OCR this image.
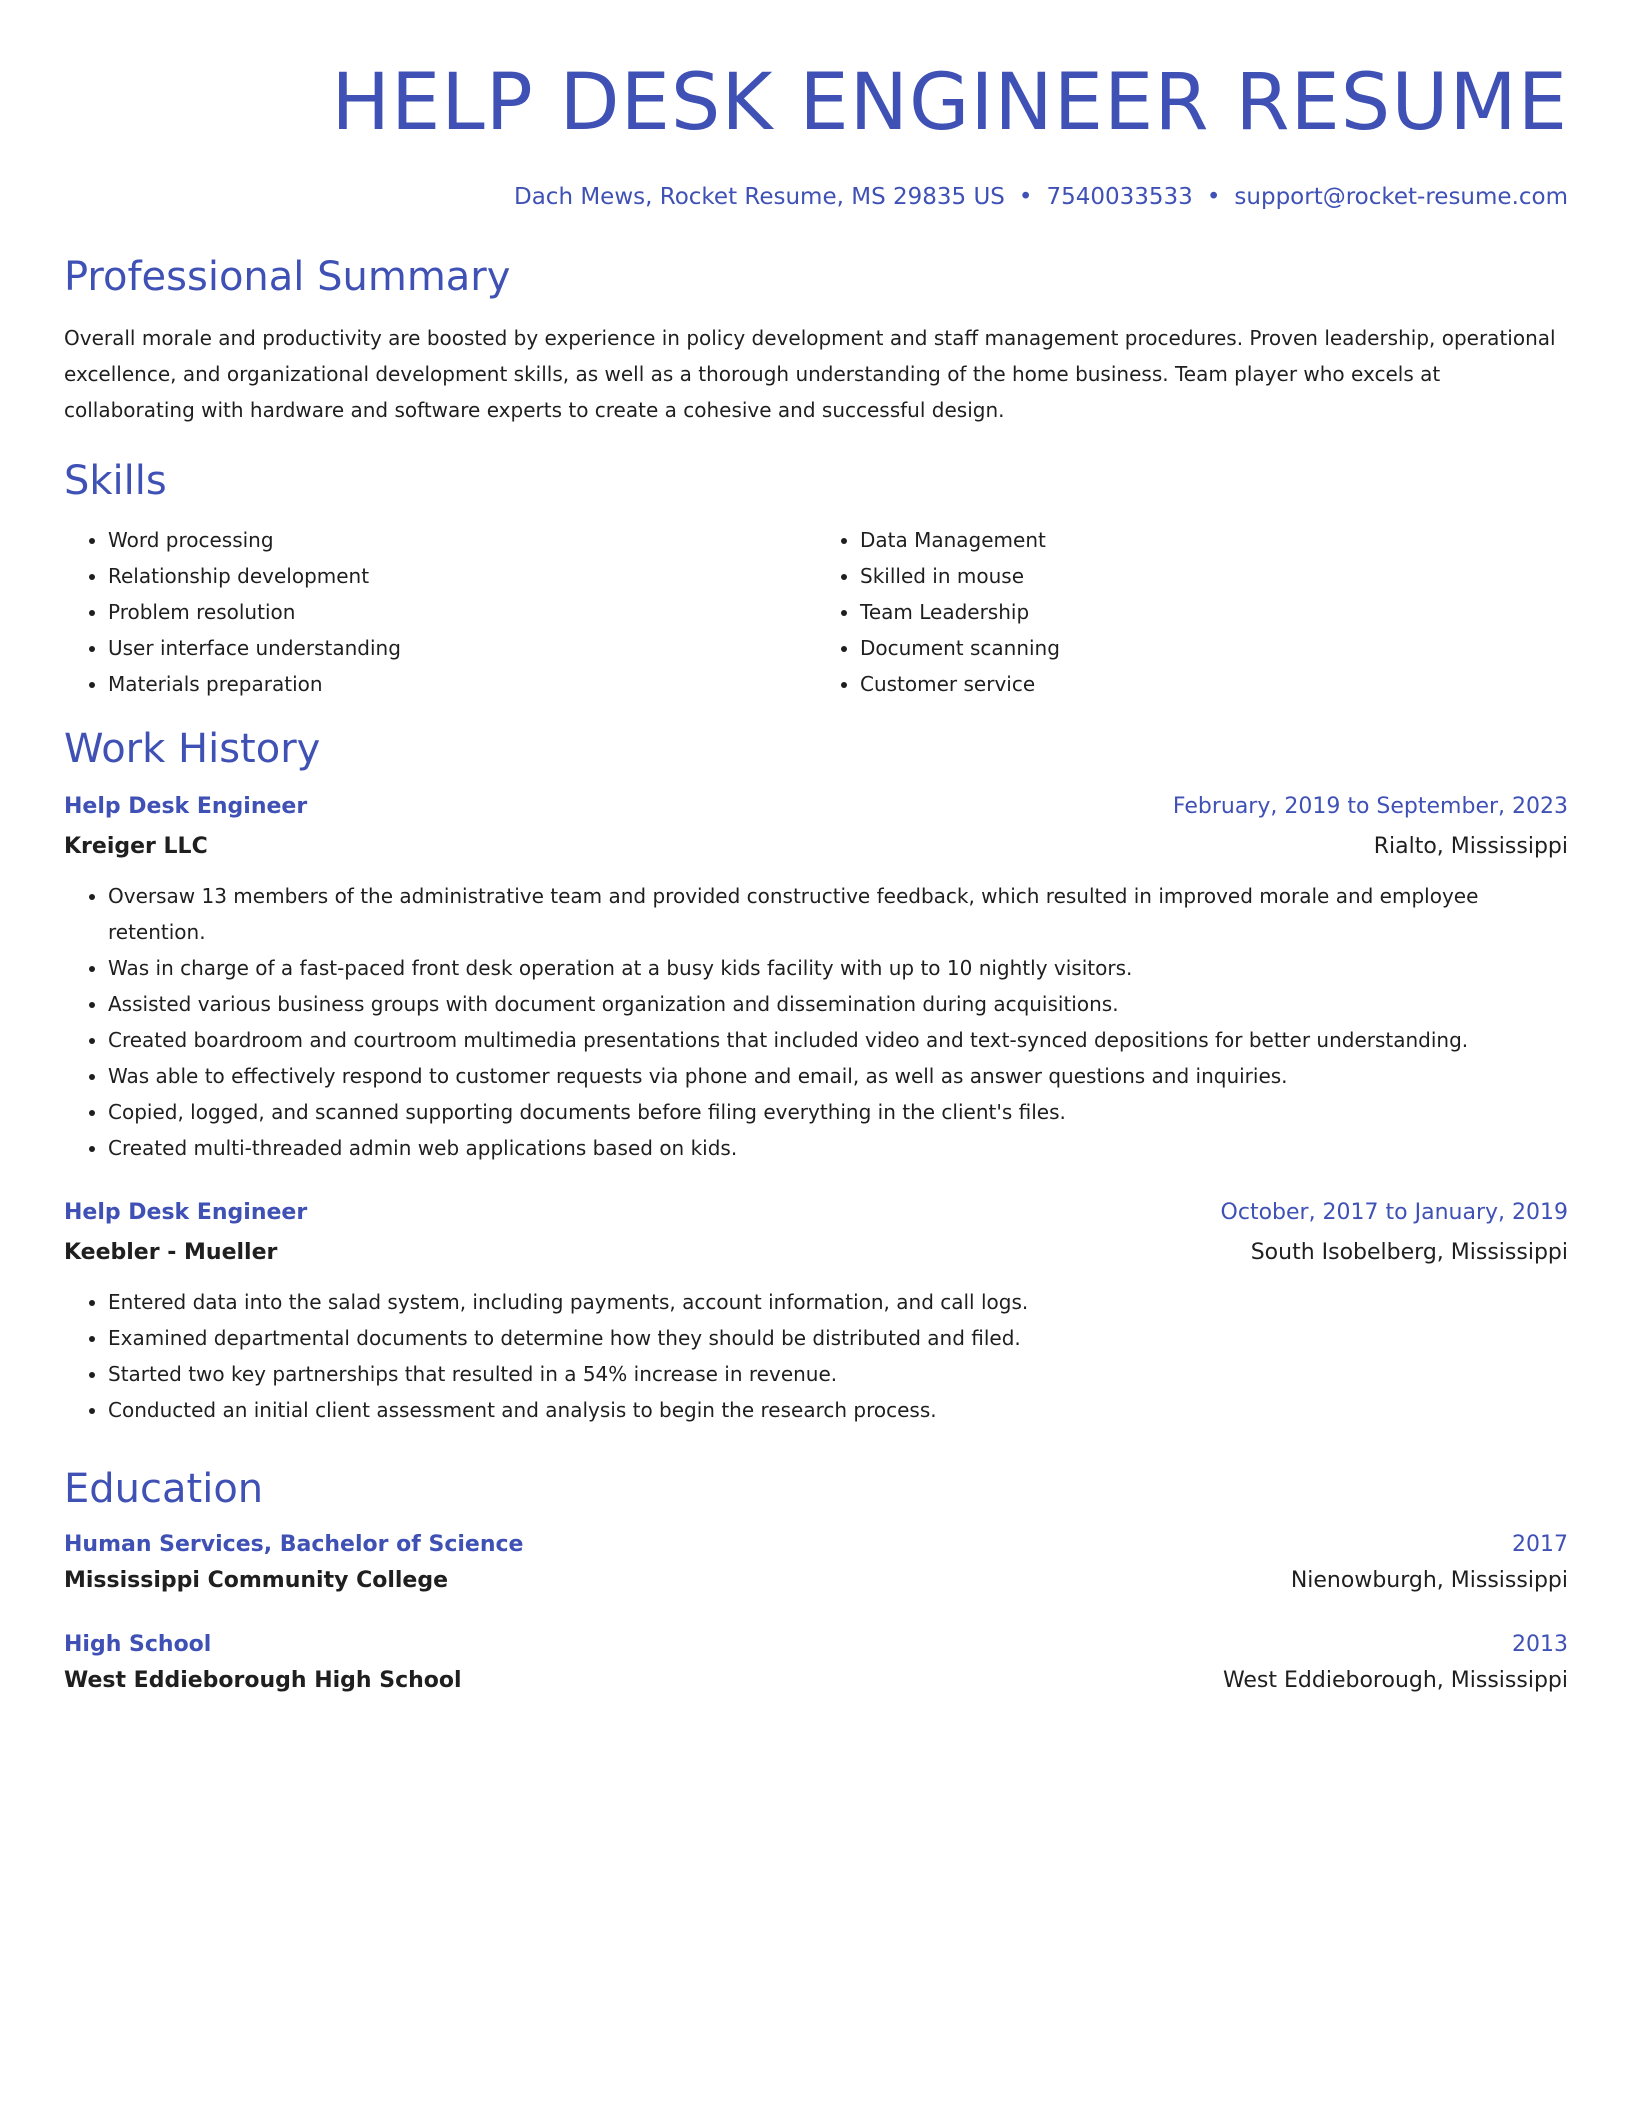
HELP DESK ENGINEER RESUME
Dach Mews, Rocket Resume, MS 29835 US • 7540033533 • support@rocket-resume.com
Professional Summary

Overall morale and productivity are boosted by experience in policy development and staff management procedures. Proven leadership, operational excellence, and organizational development skills, as well as a thorough understanding of the home business. Team player who excels at collaborating with hardware and software experts to create a cohesive and successful design.

Skills
• Word processing
• Relationship development
• Problem resolution
• User interface understanding
• Materials preparation
• Data Management
• Skilled in mouse
• Team Leadership
• Document scanning
• Customer service
Work History
Help Desk Engineer	February, 2019 to September, 2023
Kreiger LLC	Rialto, Mississippi
• Oversaw 13 members of the administrative team and provided constructive feedback, which resulted in improved morale and employee retention.
• Was in charge of a fast-paced front desk operation at a busy kids facility with up to 10 nightly visitors.
• Assisted various business groups with document organization and dissemination during acquisitions.
• Created boardroom and courtroom multimedia presentations that included video and text-synced depositions for better understanding.
• Was able to effectively respond to customer requests via phone and email, as well as answer questions and inquiries.
• Copied, logged, and scanned supporting documents before filing everything in the client's files.
• Created multi-threaded admin web applications based on kids.
Help Desk Engineer	October, 2017 to January, 2019
Keebler - Mueller	South Isobelberg, Mississippi
• Entered data into the salad system, including payments, account information, and call logs.
• Examined departmental documents to determine how they should be distributed and filed.
• Started two key partnerships that resulted in a 54% increase in revenue.
• Conducted an initial client assessment and analysis to begin the research process.
Education
Human Services, Bachelor of Science	2017
Mississippi Community College	Nienowburgh, Mississippi
High School	2013
West Eddieborough High School	West Eddieborough, Mississippi
